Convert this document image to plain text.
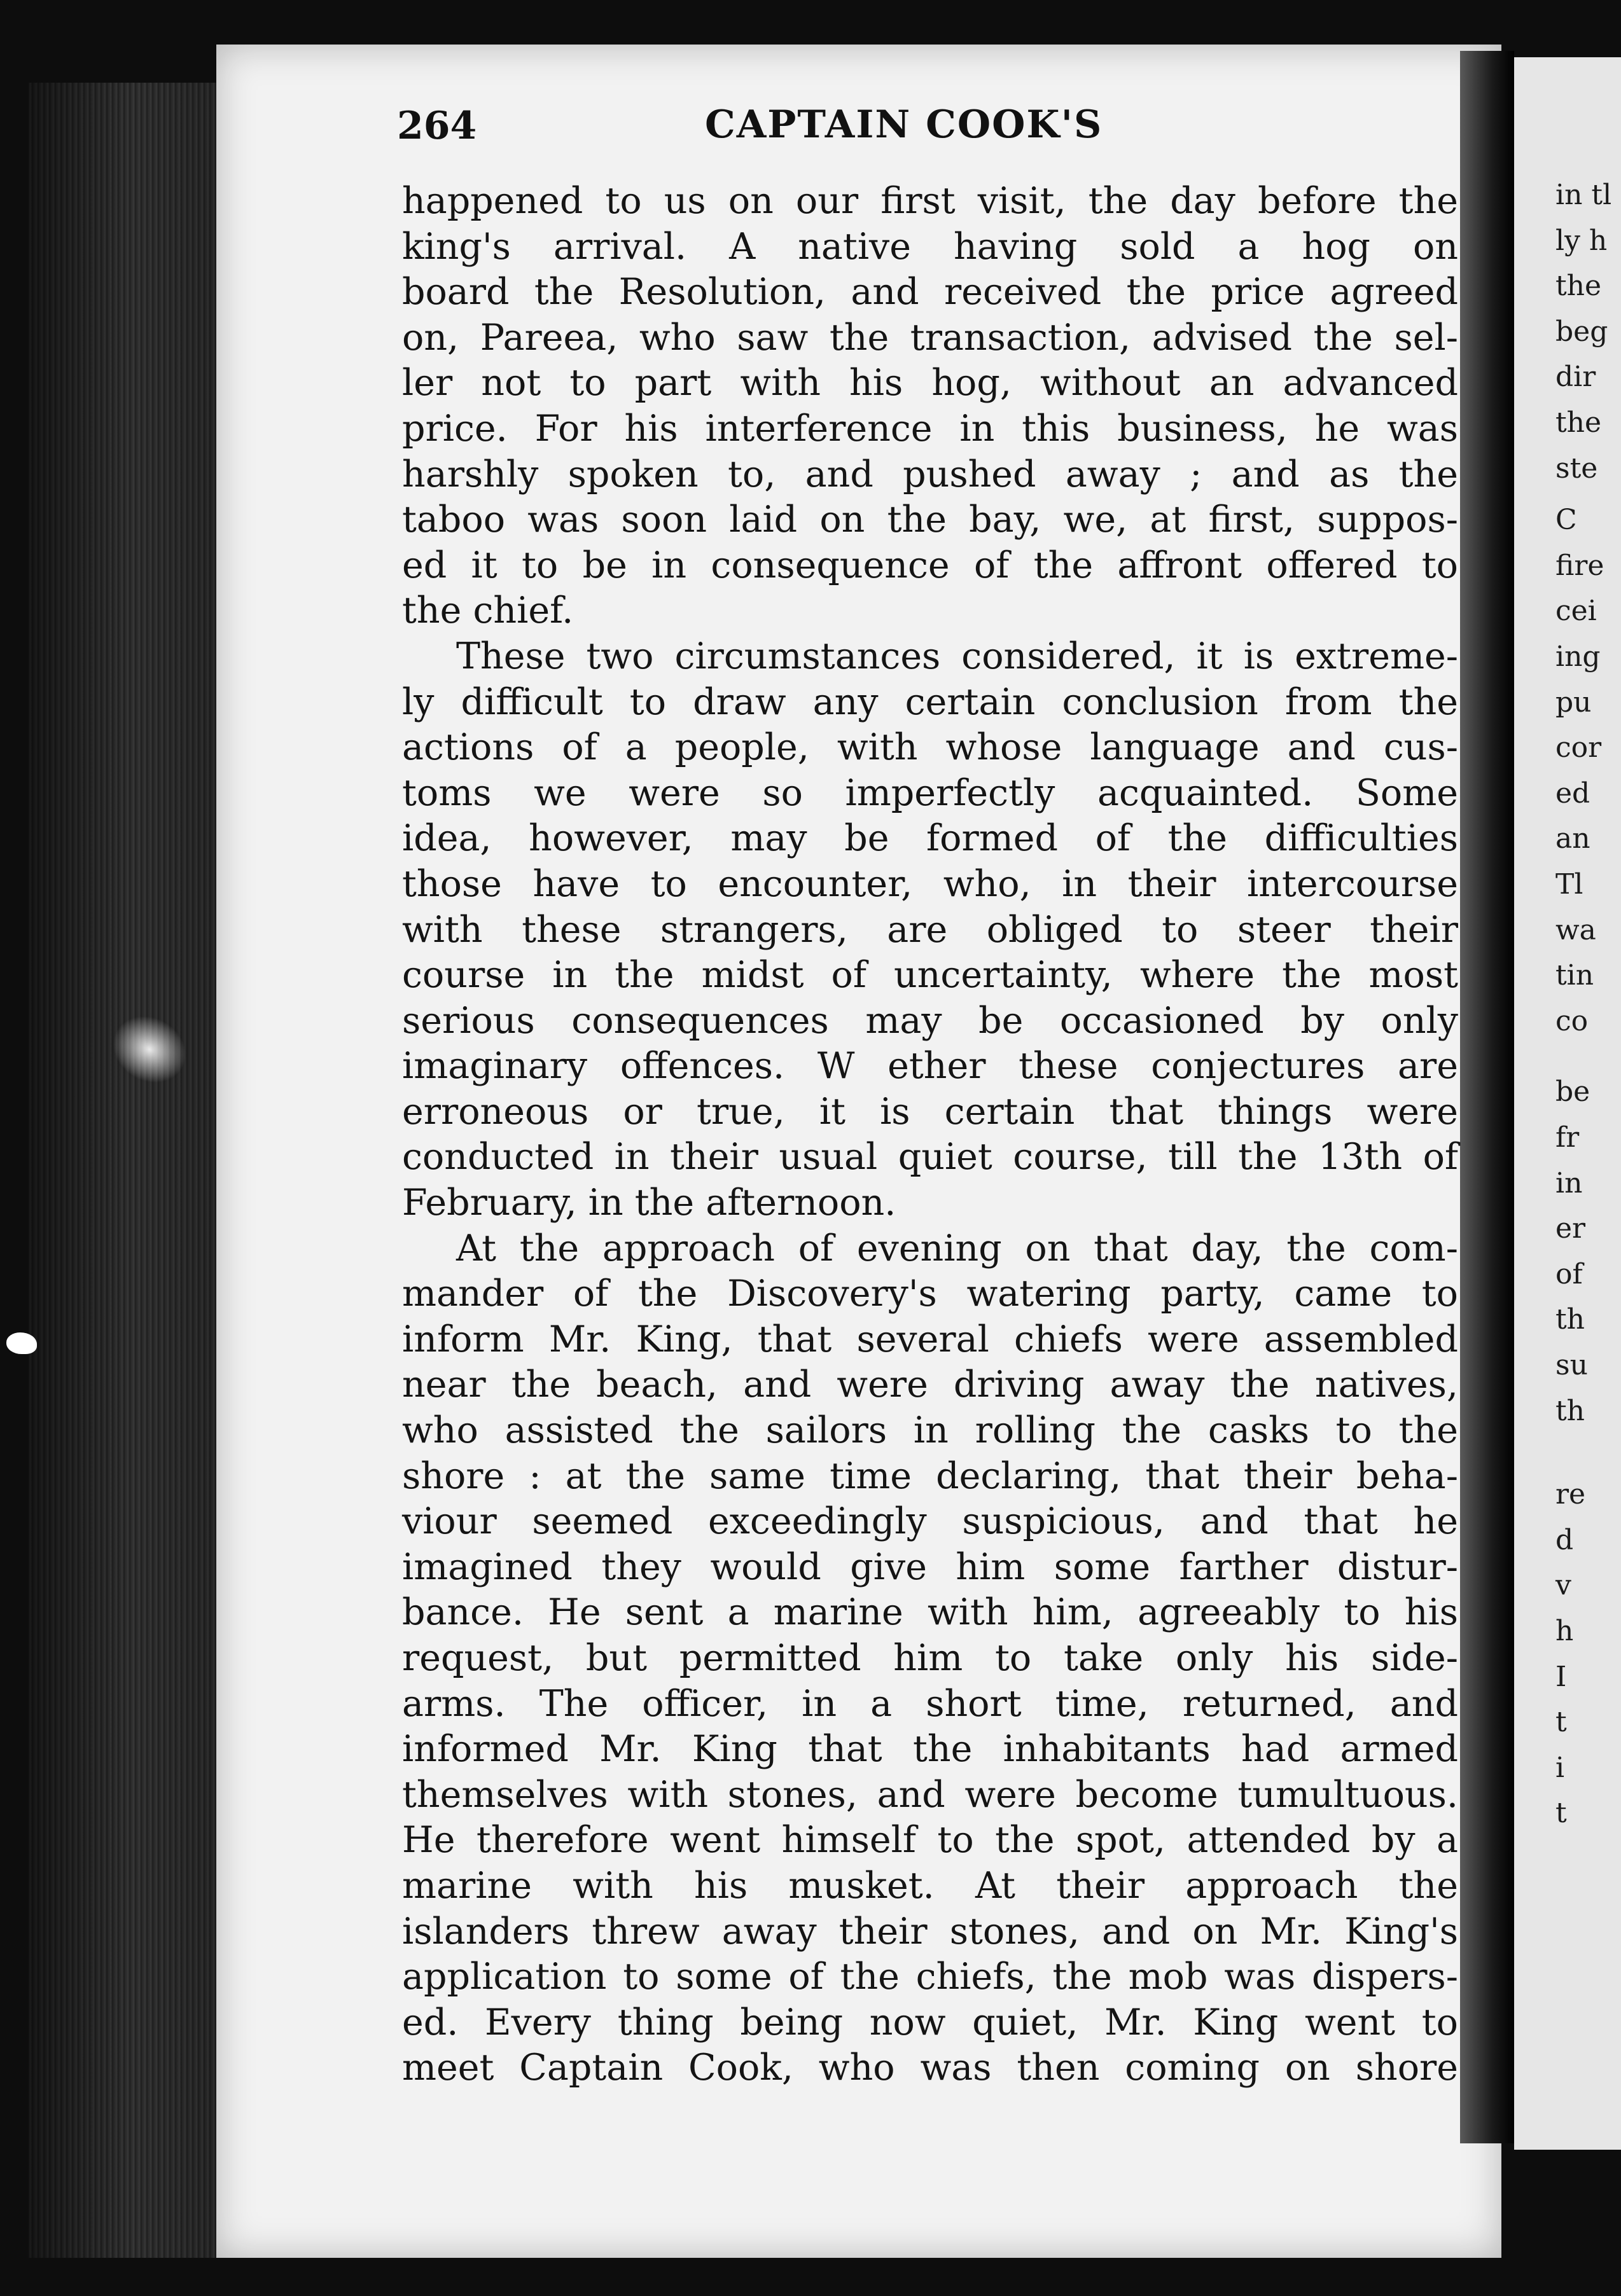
in tl
ly h
the
beg
dir
the
ste
C
fire
cei
ing
pu
cor
ed
an
Tl
wa
tin
co
be
fr
in
er
of
th
su
th
re
d
v
h
I
t
i
t
264	CAPTAIN COOK'S
happened to us on our first visit, the day before the
king's arrival. A native having sold a hog on
board the Resolution, and received the price agreed
on, Pareea, who saw the transaction, advised the sel-
ler not to part with his hog, without an advanced
price. For his interference in this business, he was
harshly spoken to, and pushed away ; and as the
taboo was soon laid on the bay, we, at first, suppos-
ed it to be in consequence of the affront offered to
the chief.
These two circumstances considered, it is extreme-
ly difficult to draw any certain conclusion from the
actions of a people, with whose language and cus-
toms we were so imperfectly acquainted. Some
idea, however, may be formed of the difficulties
those have to encounter, who, in their intercourse
with these strangers, are obliged to steer their
course in the midst of uncertainty, where the most
serious consequences may be occasioned by only
imaginary offences. W ether these conjectures are
erroneous or true, it is certain that things were
conducted in their usual quiet course, till the 13th of
February, in the afternoon.
At the approach of evening on that day, the com-
mander of the Discovery's watering party, came to
inform Mr. King, that several chiefs were assembled
near the beach, and were driving away the natives,
who assisted the sailors in rolling the casks to the
shore : at the same time declaring, that their beha-
viour seemed exceedingly suspicious, and that he
imagined they would give him some farther distur-
bance. He sent a marine with him, agreeably to his
request, but permitted him to take only his side-
arms. The officer, in a short time, returned, and
informed Mr. King that the inhabitants had armed
themselves with stones, and were become tumultuous.
He therefore went himself to the spot, attended by a
marine with his musket. At their approach the
islanders threw away their stones, and on Mr. King's
application to some of the chiefs, the mob was dispers-
ed. Every thing being now quiet, Mr. King went to
meet Captain Cook, who was then coming on shore
